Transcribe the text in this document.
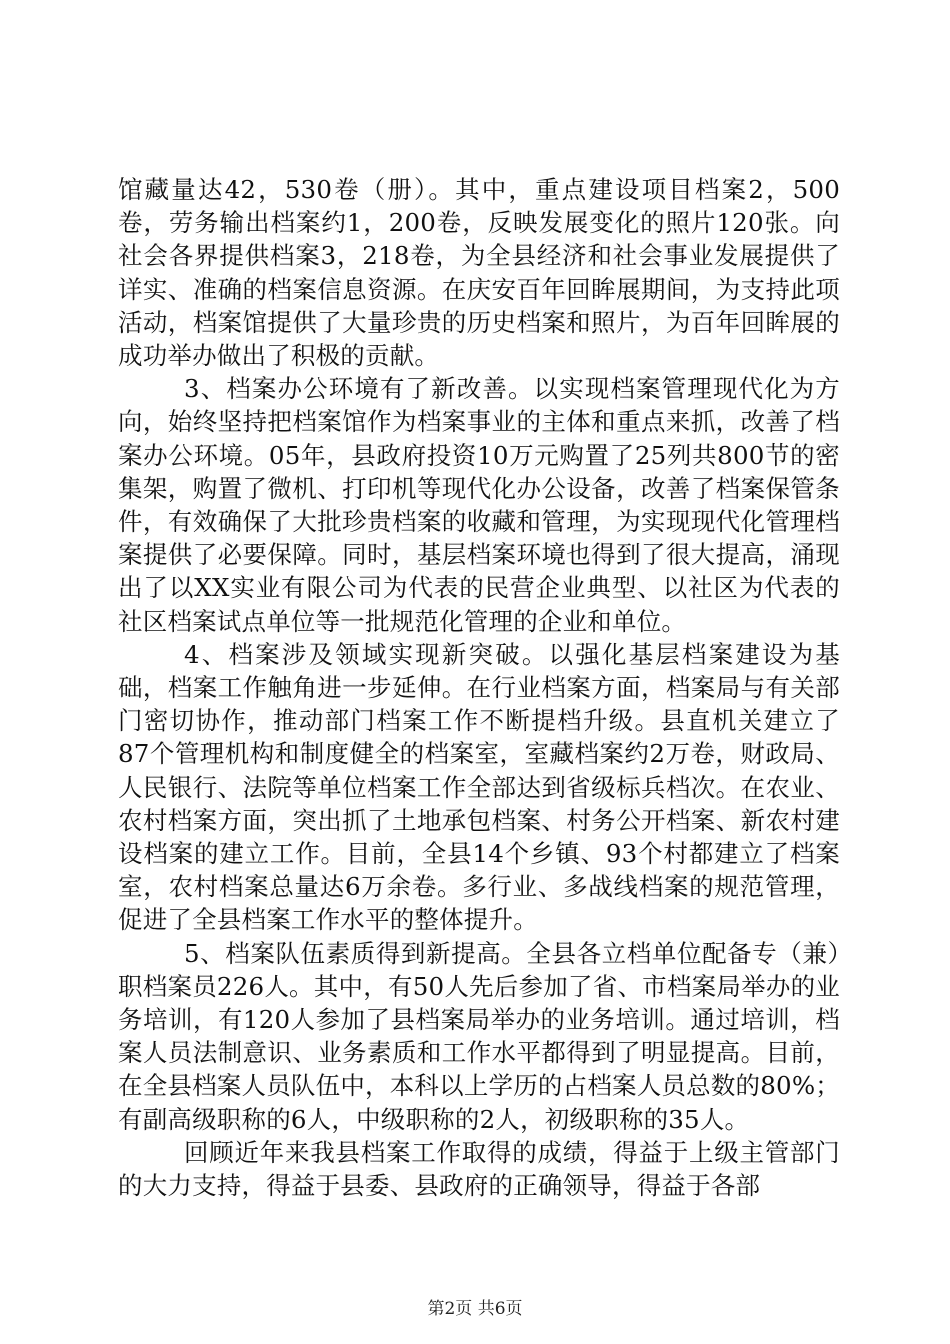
馆藏量达42，530卷（册）。其中，重点建设项目档案2，500卷，劳务输出档案约1，200卷，反映发展变化的照片120张。向社会各界提供档案3，218卷，为全县经济和社会事业发展提供了详实、准确的档案信息资源。在庆安百年回眸展期间，为支持此项活动，档案馆提供了大量珍贵的历史档案和照片，为百年回眸展的成功举办做出了积极的贡献。

3、档案办公环境有了新改善。以实现档案管理现代化为方向，始终坚持把档案馆作为档案事业的主体和重点来抓，改善了档案办公环境。05年，县政府投资10万元购置了25列共800节的密集架，购置了微机、打印机等现代化办公设备，改善了档案保管条件，有效确保了大批珍贵档案的收藏和管理，为实现现代化管理档案提供了必要保障。同时，基层档案环境也得到了很大提高，涌现出了以XX实业有限公司为代表的民营企业典型、以社区为代表的社区档案试点单位等一批规范化管理的企业和单位。

4、档案涉及领域实现新突破。以强化基层档案建设为基础，档案工作触角进一步延伸。在行业档案方面，档案局与有关部门密切协作，推动部门档案工作不断提档升级。县直机关建立了87个管理机构和制度健全的档案室，室藏档案约2万卷，财政局、人民银行、法院等单位档案工作全部达到省级标兵档次。在农业、农村档案方面，突出抓了土地承包档案、村务公开档案、新农村建设档案的建立工作。目前，全县14个乡镇、93个村都建立了档案室，农村档案总量达6万余卷。多行业、多战线档案的规范管理，促进了全县档案工作水平的整体提升。

5、档案队伍素质得到新提高。全县各立档单位配备专（兼）职档案员226人。其中，有50人先后参加了省、市档案局举办的业务培训，有120人参加了县档案局举办的业务培训。通过培训，档案人员法制意识、业务素质和工作水平都得到了明显提高。目前，在全县档案人员队伍中，本科以上学历的占档案人员总数的80%；有副高级职称的6人，中级职称的2人，初级职称的35人。

回顾近年来我县档案工作取得的成绩，得益于上级主管部门的大力支持，得益于县委、县政府的正确领导，得益于各部

第2页 共6页
